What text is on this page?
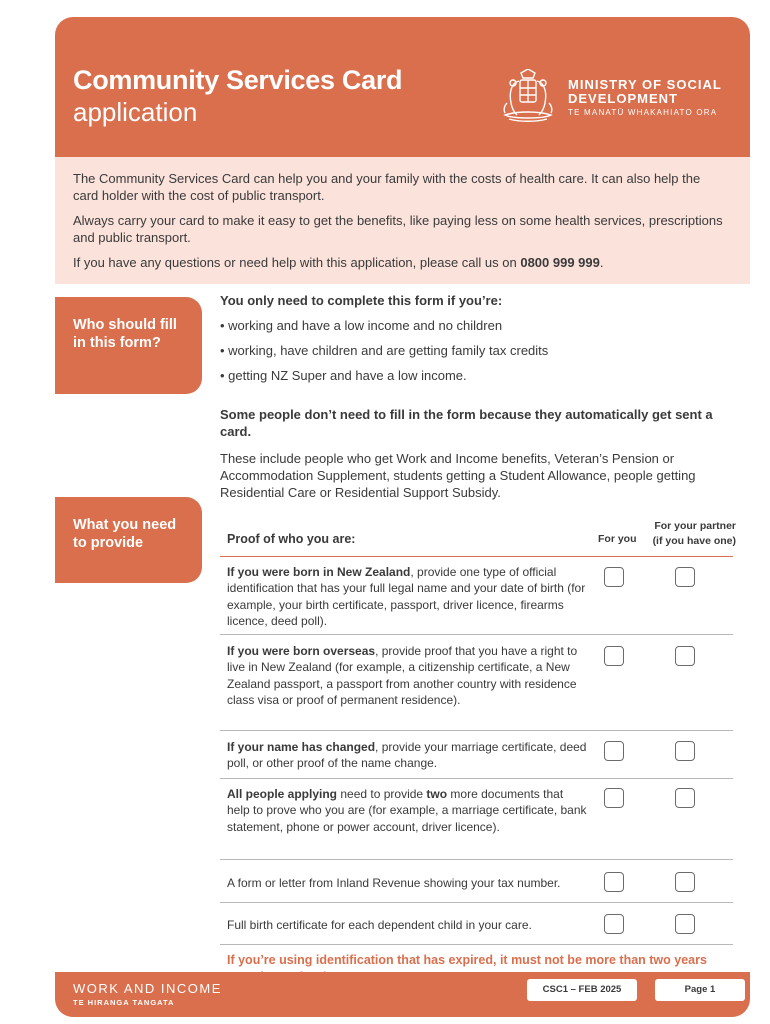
Community Services Card
application
MINISTRY OF SOCIAL
DEVELOPMENT
TE MANATŪ WHAKAHIATO ORA

The Community Services Card can help you and your family with the costs of health care. It can also help the card holder with the cost of public transport.

Always carry your card to make it easy to get the benefits, like paying less on some health services, prescriptions and public transport.

If you have any questions or need help with this application, please call us on 0800 999 999.

Who should fill in this form?
You only need to complete this form if you’re:
• working and have a low income and no children
• working, have children and are getting family tax credits
• getting NZ Super and have a low income.
Some people don’t need to fill in the form because they automatically get sent a card.
These include people who get Work and Income benefits, Veteran’s Pension or Accommodation Supplement, students getting a Student Allowance, people getting Residential Care or Residential Support Subsidy.
What you need to provide
For your partner
(if you have one)
Proof of who you are:	For you
If you were born in New Zealand, provide one type of official identification that has your full legal name and your date of birth (for example, your birth certificate, passport, driver licence, firearms licence, deed poll).
If you were born overseas, provide proof that you have a right to live in New Zealand (for example, a citizenship certificate, a New Zealand passport, a passport from another country with residence class visa or proof of permanent residence).
If your name has changed, provide your marriage certificate, deed poll, or other proof of the name change.
All people applying need to provide two more documents that help to prove who you are (for example, a marriage certificate, bank statement, phone or power account, driver licence).
A form or letter from Inland Revenue showing your tax number.
Full birth certificate for each dependent child in your care.
If you’re using identification that has expired, it must not be more than two years
WORK AND INCOME
TE HIRANGA TANGATA
CSC1 – FEB 2025	Page 1
